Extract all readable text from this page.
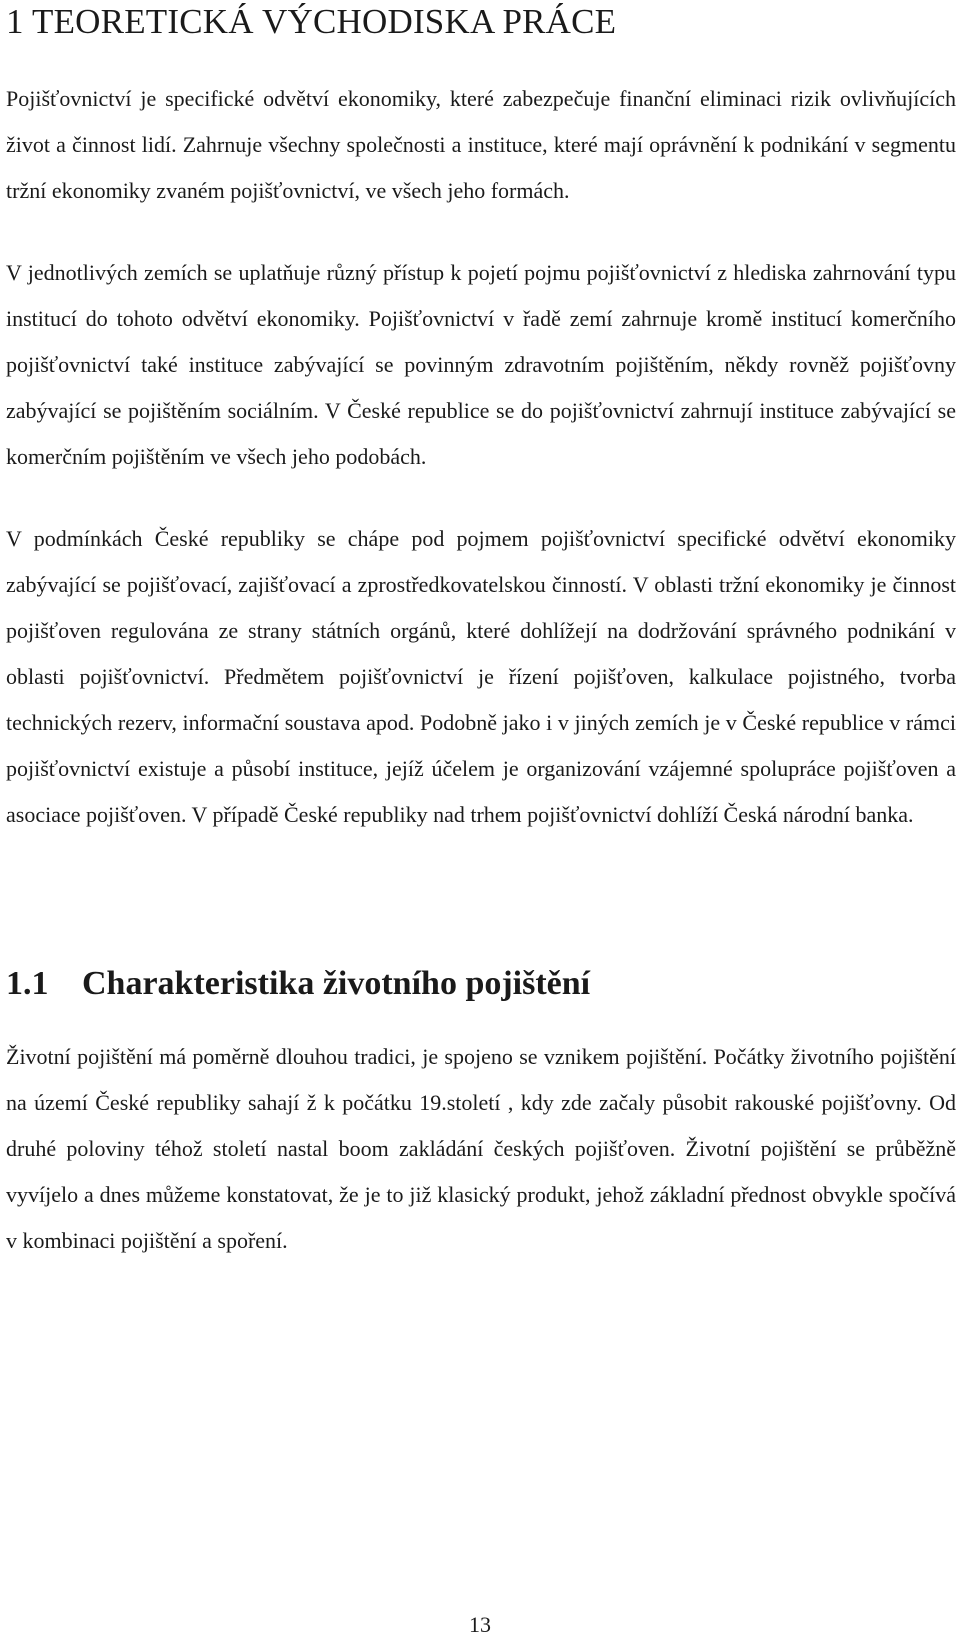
1 TEORETICKÁ VÝCHODISKA PRÁCE

Pojišťovnictví je specifické odvětví ekonomiky, které zabezpečuje finanční eliminaci rizik ovlivňujících život a činnost lidí. Zahrnuje všechny společnosti a instituce, které mají oprávnění k podnikání v segmentu tržní ekonomiky zvaném pojišťovnictví, ve všech jeho formách.

V jednotlivých zemích se uplatňuje různý přístup k pojetí pojmu pojišťovnictví z hlediska zahrnování typu institucí do tohoto odvětví ekonomiky. Pojišťovnictví v řadě zemí zahrnuje kromě institucí komerčního pojišťovnictví také instituce zabývající se povinným zdravotním pojištěním, někdy rovněž pojišťovny zabývající se pojištěním sociálním. V České republice se do pojišťovnictví zahrnují instituce zabývající se komerčním pojištěním ve všech jeho podobách.

V podmínkách České republiky se chápe pod pojmem pojišťovnictví specifické odvětví ekonomiky zabývající se pojišťovací, zajišťovací a zprostředkovatelskou činností. V oblasti tržní ekonomiky je činnost pojišťoven regulována ze strany státních orgánů, které dohlížejí na dodržování správného podnikání v oblasti pojišťovnictví. Předmětem pojišťovnictví je řízení pojišťoven, kalkulace pojistného, tvorba technických rezerv, informační soustava apod. Podobně jako i v jiných zemích je v České republice v rámci pojišťovnictví existuje a působí instituce, jejíž účelem je organizování vzájemné spolupráce pojišťoven a asociace pojišťoven. V případě České republiky nad trhem pojišťovnictví dohlíží Česká národní banka.

1.1 Charakteristika životního pojištění

Životní pojištění má poměrně dlouhou tradici, je spojeno se vznikem pojištění. Počátky životního pojištění na území České republiky sahají ž k počátku 19.století , kdy zde začaly působit rakouské pojišťovny. Od druhé poloviny téhož století nastal boom zakládání českých pojišťoven. Životní pojištění se průběžně vyvíjelo a dnes můžeme konstatovat, že je to již klasický produkt, jehož základní přednost obvykle spočívá v kombinaci pojištění a spoření.

13
